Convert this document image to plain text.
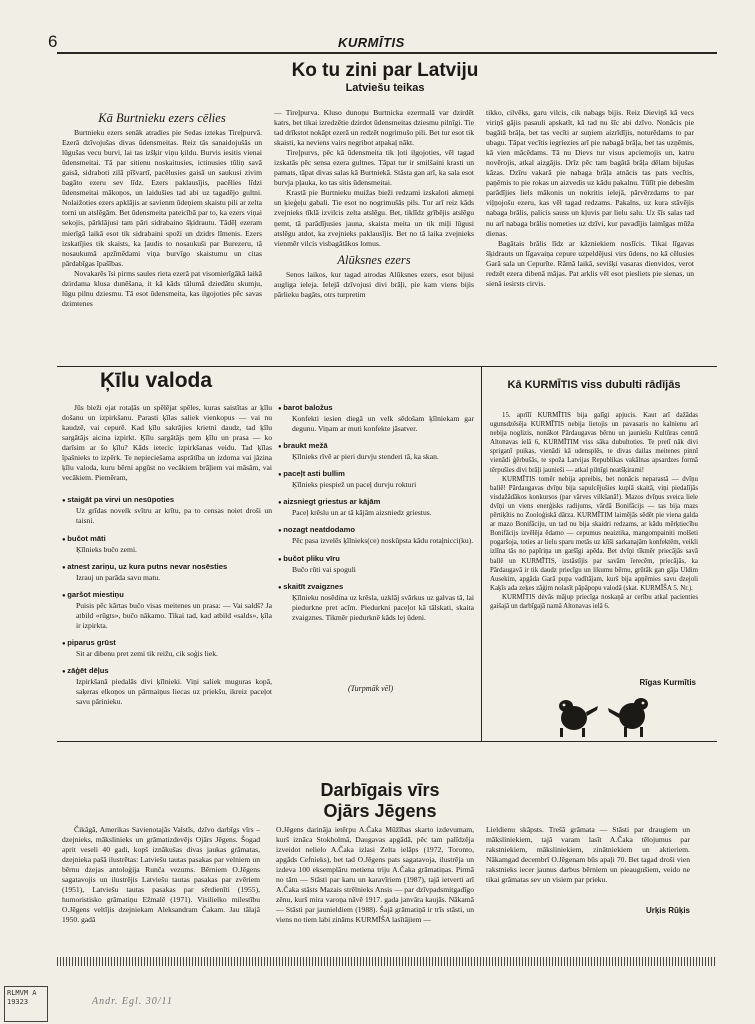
6	KURMĪTIS
Ko tu zini par Latviju
Latviešu teikas
Kā Burtnieku ezers cēlies

Burtnieku ezers senāk atradies pie Sedas iztekas Tireļpurvā. Ezerā dzīvojušas divas ūdensmeitas. Reiz tās sanaidojušās un lūgušas vecu burvi, lai tas izšķir viņu ķildu. Burvis iesitis vienai ūdensmeitai. Tā par sitienu noskaitusies, ictinusies tūliņ savā gaisā, sidraboti zilā pīšvartī, pacēlusies gaisā un saukusi zivim bagāto ezeru sev līdz. Ezers paklausījis, pacēlies līdzi ūdensmeitai mākoņos, un laidušies tad abi uz tagadējo gultni. Nolaižoties ezers apklājis ar savienm ūdeņiem skaistu pili ar zelta torni un atslēgām. Bet ūdensmeita pateicībā par to, ka ezers viņai sekojis, pārklājusi tam pāri sidrabaino šķidrautu. Tādēļ ezeram mierīgā laikā esot tik sidrabaini spoži un dzidrs līmenis. Ezers izskatījies tik skaists, ka ļaudis to nosaukuši par Burezeru, tā nosaukumā apzīmēdami viņa burvīgo skaistumu un citas pārdabīgas īpašības.

Novakarēs īsi pirms saules rieta ezerā pat visomierīgākā laikā dzirdama klusa dunēšana, it kā kāds tālumā dziedātu skumju, lūgu pilnu dziesmu. Tā esot ūdensmeita, kas ilgojoties pēc savas dzimtenes

— Tireļpurva. Kluso dunoņu Burtnicka ezermalā var dzirdēt katrs, bet tikai izredzētie dzirdot ūdensmeitas dziesmu pilnīgi. Tie tad drīkstot nokāpt ezerā un redzēt nogrimušo pili. Bet tur esot tik skaisti, ka neviens vairs negribot atpakaļ nākt.

Tireļpurvs, pēc kā ūdensmeita tik ļoti ilgojoties, vēl tagad izskatās pēc sensa ezera gultnes. Tāpat tur ir smilšaini krasti un pamats, tāpat divas salas kā Burtniekā. Stāsta gan arī, ka sala esot burvja pļauka, ko tas sitis ūdensmeitai.

Krastā pie Burtnieku muižas bieži redzami izskaloti akmeņi un ķieģeļu gabali. Tie esot no nogrimušās pils. Tur arī reiz kāds zvejnieks tīklā izvilcis zelta atslēgu. Bet, tiklīdz grībējis atslēgu ņemt, tā parādījusies jauna, skaista meita un tik miļi lūgusi atslēgu atdot, ka zvejnieks paklausījis. Bet no tā laika zvejnieks vienmēr vilcis visbagātākos lomus.

Alūksnes ezers

Senos laikos, kur tagad atrodas Alūksnes ezers, esot bijusi augliga ieleja. Ielejā dzīvojusi divi brāļi, pie kam viens bijis pārlieku bagāts, otrs turpretim

tikko, cilvēks, garu vilcis, cik nabags bijis. Reiz Dieviņš kā vecs viriņš gājis pasauli apskatīt, kā tad nu šīc abi dzīvo. Nonācis pie bagātā brāļa, bet tas vecīti ar suņiem aizrīdījis, noturēdams to par ubagu. Tāpat vecītis iegriezies arī pie nabagā brāļa, bet tas uzņēmis, kā vien mācēdams. Tā nu Dievs tur visus apciemojis un, katru novērojis, atkal aizgājis. Drīz pēc tam bagātā brāļa dēlam bijušas kāzas. Dzīru vakarā pie nabaga brāļa atnācis tas pats vecītis, paņēmis to pie rokas un aizvedis uz kādu pakalnu. Tūlīt pie debesīm parādījies liels mākonis un nokritis ielejā, pārvērzdams to par viļņojošu ezeru, kas vēl tagad redzams. Pakalns, uz kura stāvējis nabaga brālis, palicis sauss un kļuvis par lielu salu. Uz šīs salas tad nu arī nabaga brālis nometies uz dzīvi, kur pavadījis laimīgas mūža dienas.

Bagātais brālis līdz ar kāzniekiem noslīcis. Tikai līgavas šķidrauts un līgavaiņa cepure uzpeldējusi virs ūdens, no kā cēlusies Garā sala un Cepurīte. Rāmā laikā, sevišķi vasaras dienvidos, verot redzēt ezera dibenā mājas. Pat arklis vēl esot piesliets pie sienas, un sienā iesirsts cirvis.

Ķīlu valoda

Jūs bieži ejat rotaļās un spēlējat spēles, kuras saistītas ar ķīlu došanu un izpirkšanu. Parasti ķīlas saliek vienkopus — vai nu kaudzē, vai cepurē. Kad ķīlu sakrājies krietni daudz, tad ķīlu sargātājs aicina izpirkt. Ķīlu sargātājs ņem ķīlu un prasa — ko darīsim ar šo ķīlu? Kāds ietecic izpirkšanas veidu. Tad ķīlas īpašnieks to izpērk. Te nepieciešama asprātība un izdoma vai jāzina ķīlu valoda, kuru bērni apgūst no vecākiem brāļiem vai māsām, vai vecākiem. Piemēram,

● staigāt pa virvi un nesūpoties
Uz grīdas novelk svītru ar krītu, pa to censas noiet droši un taisni.
● bučot māti
Ķīlnieks bučo zemi.
● atnest zariņu, uz kura putns nevar nosēsties
Izrauj un parāda savu matu.
● garšot miestiņu
Puisis pēc kārtas bučo visas meitenes un prasa: — Vai saldš? Ja atbild «rūgts», bučo nākamo. Tikai tad, kad atbild «salds», ķīla ir izpirkta.
● piparus grūst
Sit ar dibenu pret zemi tik reižu, cik soģis liek.
● zāģēt dēļus
Izpirkšanā piedalās divi ķīlnieki. Viņi saliek muguras kopā, saķeras elkoņos un pārmaiņus liecas uz priekšu, ikreiz paceļot savu pārinieku.
● barot baložus
Konfekti iesien diegā un velk sēdošam ķīlniekam gar degunu. Viņam ar muti konfekte jāsatver.
● braukt mežā
Ķīlnieks rīvē ar pieri durvju stenderi tā, ka skan.
● paceļt asti bullim
Ķīlnieks piespiež un paceļ durvju rokturi
● aizsniegt griestus ar kājām
Paceļ krēslu un ar tā kājām aizsniedz griestus.
● nozagt neatdodamo
Pēc pasa izvelēs ķīlnieks(ce) noskūpsta kādu rotaļnicci(ku).
● bučot pliku vīru
Bučo rūti vai spoguli
● skaitīt zvaigznes
Ķīlnieku nosēdina uz krēsla, uzklāj svārkus uz galvas tā, lai piedurkne pret acīm. Piedurkni paceļot kā tālskati, skaita zvaigznes. Tikmēr piedurknē kāds lej ūdeni.
(Turpmāk vēl)
Kā KURMĪTIS viss dubulti rādījās

15. aprīlī KURMĪTIS bija galīgi apjucis. Kaut arī dažādas ugunsdzēsēja KURMĪTIS nebija lietojis un pavasaris no kalnienu arī nebija noglizis, nonākot Pārdaugavas bērnu un jauniešu Kultūras centrā Altonavas ielā 6, KURMĪTIM viss sāka dubultoties. Te pretī nāk divi spriganī puikas, vienādi kā udensplēs, te divas dailas meitenes pinnī vienādi ģērbušās, te spoža Latvijas Republikas vakālnas apsardzes formā tērpušies divi brāļi jaunieši — atkal pilnīgi neatšķirami!

KURMĪTIS tomēr nebija apreibis, bet nonācis neparastā — dvīņu ballē! Pārdaugavas dvīņu bija sapulcējušies kuplā skaitā, viņi piedalījās visdažādākos konkursos (par vārves vilkšanā!). Mazos dvīņus sveica liele dvīņi un viens enerģisks radijums, vārdā Bonifācijs — tas bija mazs pērtiķītis no Zooloģiskā dārza. KURMĪTIM laimējās sēdēt pie viena galda ar mazo Bonifāciju, un tad nu bija skaidri redzams, ar kādu mērķtiecību Bonifācijs izvēlēja ēdamo — cepumus neaiztika, mangompainiti molšeti pogaršoja, toties ar lielu sparu metās uz kūši sarkanajām konfektēm, veikli izlīna tās no papīriņa un garšīgi apēda. Bet dvīņi tīkmēr priecājās savā ballē un KURMĪTIS, izstāstījis par savām īerecēm, priecājās, ka Pārdaugavā ir tik daudz priecīgu un likumu bērnu, grūtāk gan gāja Uldim Ausekim, apgāda Garā pupa vadītājam, kurš bija apņēmies savu dzejoli Kaķīs ada zeķes zāģim nolasīt pāpāpopu valodā (skat. KURMĪŠA 5. Nr.).

KURMĪTIS dėvās mājup priecīga noskaņā ar cerību atkal pacienties gaišajā un darbīgajā namā Altonavas ielā 6.

Rīgas Kurmītis
Darbīgais vīrs
Ojārs Jēgens

Čikāgā, Amerikas Savienotajās Valstīs, dzīvo darbīgs vīrs – dzejnieks, mākslinieks un grāmatizdevējs Ojārs Jēgens. Šogad aprit veseli 40 gadi, kopš iznākušas divas jaukas grāmatas, dzejnieka pašā ilustrētas: Latviešu tautas pasakas par velniem un bērnu dzejas antoloģija Runča vezums. Bērniem O.Jēgens sagatavojis un ilustrējis Latviešu tautas pasakas par zvēriem (1951), Latviešu tautas pasakas par sērdienīti (1955), humoristisko grāmatiņu Ežmalē (1971). Visilielko milestību O.Jēgens veltījis dzejniekam Aleksandram Čakam. Jau tālajā 1950. gadā

O.Jēgens darināja ietērpu A.Čaka Mūžības skarto izdevumam, kurš iznāca Stokholmā, Daugavas apgādā, pēc tam palīdzēja izveidot nelielo A.Čaka izlasi Zelta ielāps (1972, Toronto, apgāds Cefnieks), bet tad O.Jēgens pats sagatavoja, ilustrēja un izdeva 100 eksemplāru metiena triju A.Čaka grāmatiņas. Pirmā no tām — Stāsti par karu un karavīriem (1987), tajā ietverti arī A.Čaka stāsts Mazais strēlnieks Ansis — par dzīvpadsmitgadīgo zēnu, kurš mira varoņa nāvē 1917. gada janvāra kaujās. Nākamā — Stāsti par jaunieldiem (1988). Šajā grāmatiņā ir trīs stāsti, un viens no tiem labi zināms KURMĪŠA lasītājiem —

Lieldienu skāpsts. Trešā grāmata — Stāsti par draugiem un māksliniekiem, tajā varam lasīt A.Čaka tēlojumus par rakstniekiem, māksliniekiem, zinātniekiem un aktieriem. Nākamgad decembrī O.Jēgenam būs apaļi 70. Bet tagad droši vien rakstnieks iecer jaunus darbus bērniem un pieaugušiem, veido ne tikai grāmatas sev un visiem par prieku.

Urķis Rūķis
RLMVM A 19323	Andr. Egl. 30/11
